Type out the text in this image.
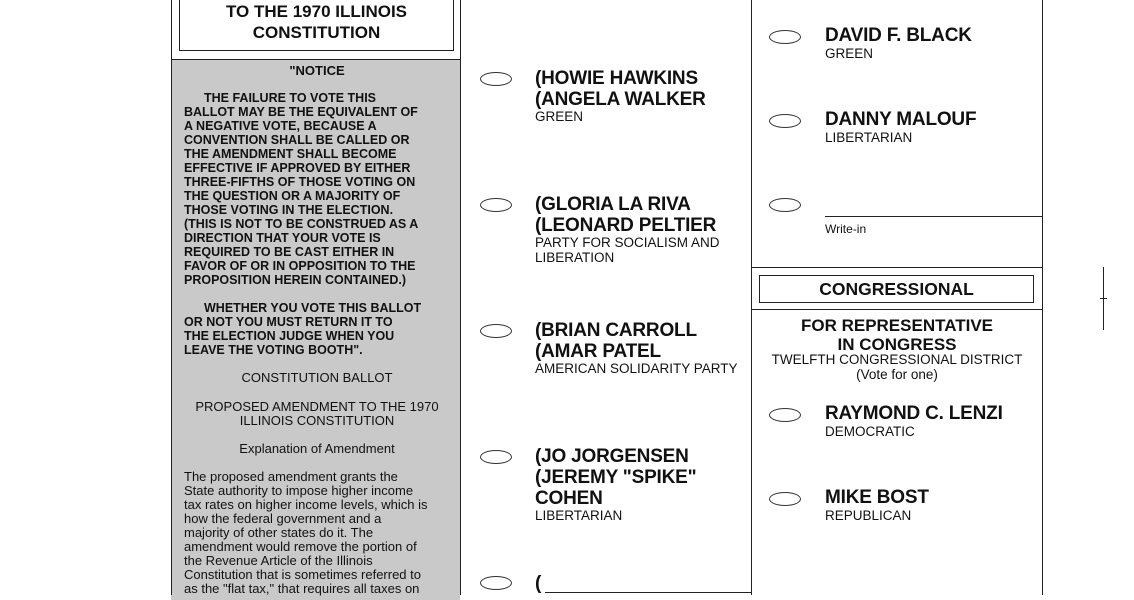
TO THE 1970 ILLINOIS
CONSTITUTION
"NOTICE
THE FAILURE TO VOTE THIS
BALLOT MAY BE THE EQUIVALENT OF
A NEGATIVE VOTE, BECAUSE A
CONVENTION SHALL BE CALLED OR
THE AMENDMENT SHALL BECOME
EFFECTIVE IF APPROVED BY EITHER
THREE-FIFTHS OF THOSE VOTING ON
THE QUESTION OR A MAJORITY OF
THOSE VOTING IN THE ELECTION.
(THIS IS NOT TO BE CONSTRUED AS A
DIRECTION THAT YOUR VOTE IS
REQUIRED TO BE CAST EITHER IN
FAVOR OF OR IN OPPOSITION TO THE
PROPOSITION HEREIN CONTAINED.)
WHETHER YOU VOTE THIS BALLOT
OR NOT YOU MUST RETURN IT TO
THE ELECTION JUDGE WHEN YOU
LEAVE THE VOTING BOOTH".
CONSTITUTION BALLOT
PROPOSED AMENDMENT TO THE 1970
ILLINOIS CONSTITUTION
Explanation of Amendment
The proposed amendment grants the
State authority to impose higher income
tax rates on higher income levels, which is
how the federal government and a
majority of other states do it. The
amendment would remove the portion of
the Revenue Article of the Illinois
Constitution that is sometimes referred to
as the "flat tax," that requires all taxes on
(HOWIE HAWKINS
(ANGELA WALKER
GREEN
(GLORIA LA RIVA
(LEONARD PELTIER
PARTY FOR SOCIALISM AND
LIBERATION
(BRIAN CARROLL
(AMAR PATEL
AMERICAN SOLIDARITY PARTY
(JO JORGENSEN
(JEREMY "SPIKE"
COHEN
LIBERTARIAN
(
DAVID F. BLACK
GREEN
DANNY MALOUF
LIBERTARIAN
Write-in
CONGRESSIONAL
FOR REPRESENTATIVE
IN CONGRESS
TWELFTH CONGRESSIONAL DISTRICT
(Vote for one)
RAYMOND C. LENZI
DEMOCRATIC
MIKE BOST
REPUBLICAN
